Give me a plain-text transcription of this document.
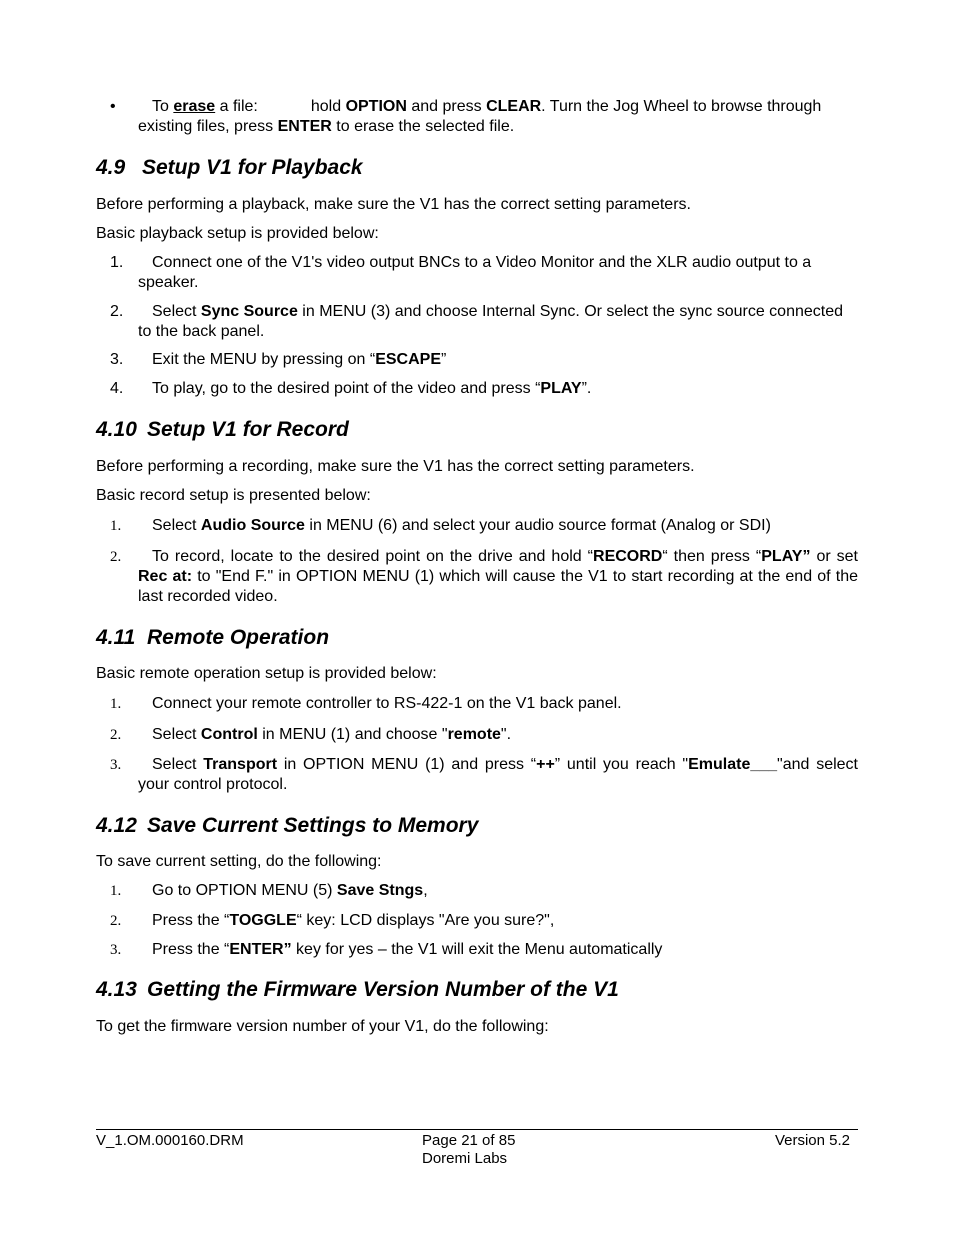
•	To erase a file:	hold OPTION and press CLEAR. Turn the Jog Wheel to browse through existing files, press ENTER to erase the selected file.
4.9 Setup V1 for Playback
Before performing a playback, make sure the V1 has the correct setting parameters.
Basic playback setup is provided below:
1.	Connect one of the V1's video output BNCs to a Video Monitor and the XLR audio output to a speaker.
2.	Select Sync Source in MENU (3) and choose Internal Sync. Or select the sync source connected to the back panel.
3.	Exit the MENU by pressing on “ESCAPE”
4.	To play, go to the desired point of the video and press “PLAY”.
4.10 Setup V1 for Record
Before performing a recording, make sure the V1 has the correct setting parameters.
Basic record setup is presented below:
1.	Select Audio Source in MENU (6) and select your audio source format (Analog or SDI)
2.	To record, locate to the desired point on the drive and hold “RECORD“ then press “PLAY” or set Rec at: to "End F." in OPTION MENU (1) which will cause the V1 to start recording at the end of the last recorded video.
4.11 Remote Operation
Basic remote operation setup is provided below:
1.	Connect your remote controller to RS-422-1 on the V1 back panel.
2.	Select Control in MENU (1) and choose "remote".
3.	Select Transport in OPTION MENU (1) and press “++” until you reach "Emulate___"and select your control protocol.
4.12 Save Current Settings to Memory
To save current setting, do the following:
1.	Go to OPTION MENU (5) Save Stngs,
2.	Press the “TOGGLE“ key: LCD displays "Are you sure?",
3.	Press the “ENTER” key for yes – the V1 will exit the Menu automatically
4.13 Getting the Firmware Version Number of the V1
To get the firmware version number of your V1, do the following:
V_1.OM.000160.DRM	Page 21 of 85
Doremi Labs
Version 5.2
